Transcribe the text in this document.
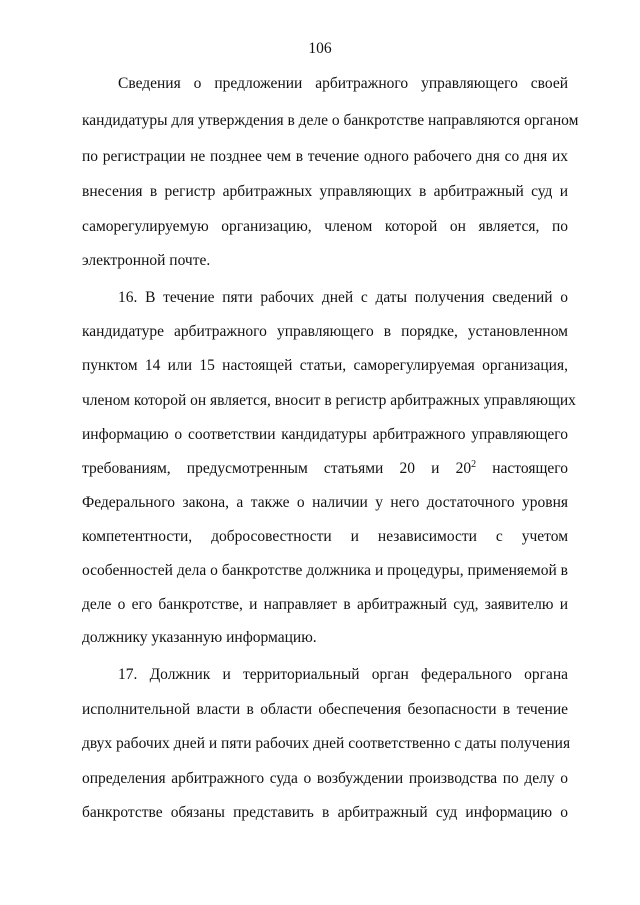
106
Сведения о предложении арбитражного управляющего своей
кандидатуры для утверждения в деле о банкротстве направляются органом
по регистрации не позднее чем в течение одного рабочего дня со дня их
внесения в регистр арбитражных управляющих в арбитражный суд и
саморегулируемую организацию, членом которой он является, по
электронной почте.
16. В течение пяти рабочих дней с даты получения сведений о
кандидатуре арбитражного управляющего в порядке, установленном
пунктом 14 или 15 настоящей статьи, саморегулируемая организация,
членом которой он является, вносит в регистр арбитражных управляющих
информацию о соответствии кандидатуры арбитражного управляющего
требованиям, предусмотренным статьями 20 и $20^2$ настоящего
Федерального закона, а также о наличии у него достаточного уровня
компетентности, добросовестности и независимости с учетом
особенностей дела о банкротстве должника и процедуры, применяемой в
деле о его банкротстве, и направляет в арбитражный суд, заявителю и
должнику указанную информацию.
17. Должник и территориальный орган федерального органа
исполнительной власти в области обеспечения безопасности в течение
двух рабочих дней и пяти рабочих дней соответственно с даты получения
определения арбитражного суда о возбуждении производства по делу о
банкротстве обязаны представить в арбитражный суд информацию о
